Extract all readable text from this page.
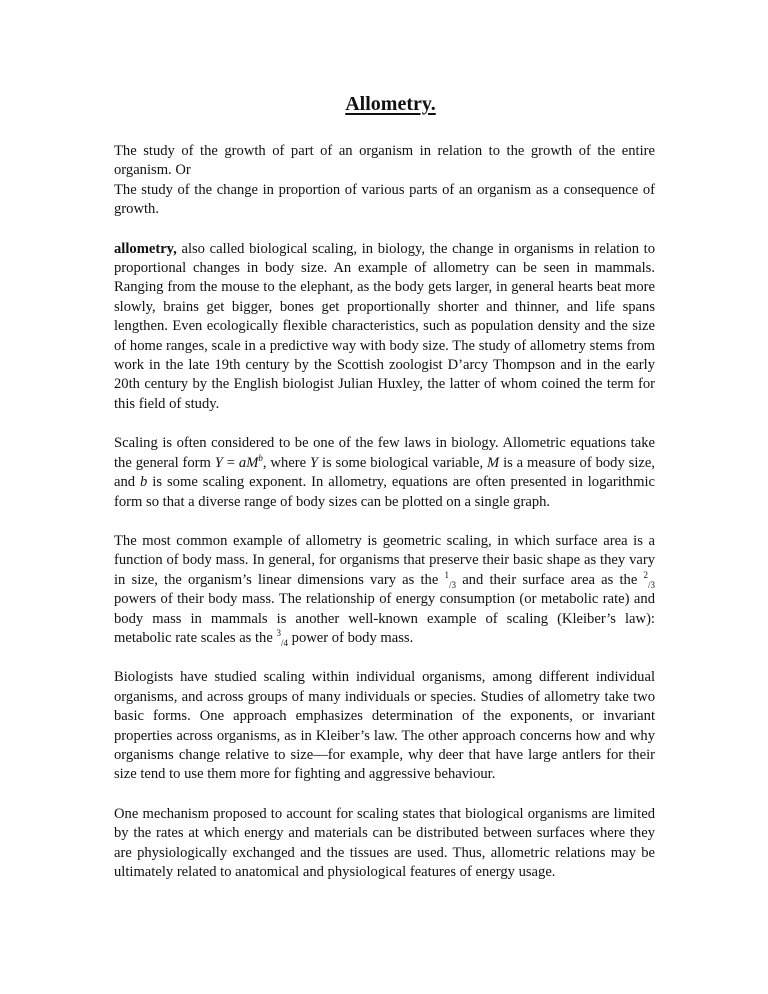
Allometry.

The study of the growth of part of an organism in relation to the growth of the entire organism. Or

The study of the change in proportion of various parts of an organism as a consequence of growth.

allometry, also called biological scaling, in biology, the change in organisms in relation to proportional changes in body size. An example of allometry can be seen in mammals. Ranging from the mouse to the elephant, as the body gets larger, in general hearts beat more slowly, brains get bigger, bones get proportionally shorter and thinner, and life spans lengthen. Even ecologically flexible characteristics, such as population density and the size of home ranges, scale in a predictive way with body size. The study of allometry stems from work in the late 19th century by the Scottish zoologist D’arcy Thompson and in the early 20th century by the English biologist Julian Huxley, the latter of whom coined the term for this field of study.

Scaling is often considered to be one of the few laws in biology. Allometric equations take the general form $Y = aM^b$, where Y is some biological variable, M is a measure of body size, and b is some scaling exponent. In allometry, equations are often presented in logarithmic form so that a diverse range of body sizes can be plotted on a single graph.

The most common example of allometry is geometric scaling, in which surface area is a function of body mass. In general, for organisms that preserve their basic shape as they vary in size, the organism’s linear dimensions vary as the $^1_{/3}$ and their surface area as the $^2_{/3}$ powers of their body mass. The relationship of energy consumption (or metabolic rate) and body mass in mammals is another well-known example of scaling (Kleiber’s law): metabolic rate scales as the $^3_{/4}$ power of body mass.

Biologists have studied scaling within individual organisms, among different individual organisms, and across groups of many individuals or species. Studies of allometry take two basic forms. One approach emphasizes determination of the exponents, or invariant properties across organisms, as in Kleiber’s law. The other approach concerns how and why organisms change relative to size—for example, why deer that have large antlers for their size tend to use them more for fighting and aggressive behaviour.

One mechanism proposed to account for scaling states that biological organisms are limited by the rates at which energy and materials can be distributed between surfaces where they are physiologically exchanged and the tissues are used. Thus, allometric relations may be ultimately related to anatomical and physiological features of energy usage.
